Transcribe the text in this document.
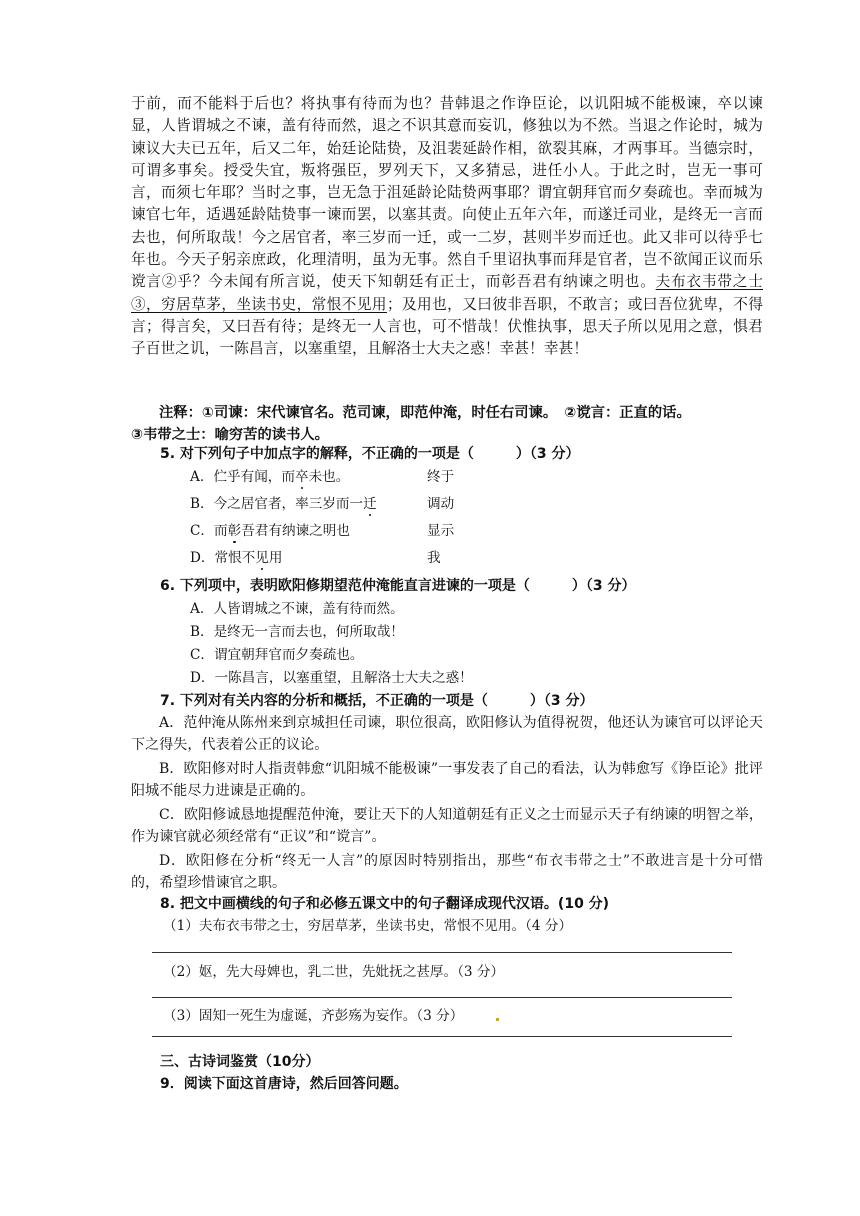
于前，而不能料于后也？将执事有待而为也？昔韩退之作诤臣论，以讥阳城不能极谏，卒以谏显，人皆谓城之不谏，盖有待而然，退之不识其意而妄讥，修独以为不然。当退之作论时，城为谏议大夫已五年，后又二年，始廷论陆贽，及沮裴延龄作相，欲裂其麻，才两事耳。当德宗时，可谓多事矣。授受失宜，叛将强臣，罗列天下，又多猜忌，进任小人。于此之时，岂无一事可言，而须七年耶？当时之事，岂无急于沮延龄论陆贽两事耶？谓宜朝拜官而夕奏疏也。幸而城为谏官七年，适遇延龄陆贽事一谏而罢，以塞其责。向使止五年六年，而遂迁司业，是终无一言而去也，何所取哉！今之居官者，率三岁而一迁，或一二岁，甚则半岁而迁也。此又非可以待乎七年也。今天子躬亲庶政，化理清明，虽为无事。然自千里诏执事而拜是官者，岂不欲闻正议而乐谠言②乎？今未闻有所言说，使天下知朝廷有正士，而彰吾君有纳谏之明也。夫布衣韦带之士③，穷居草茅，坐读书史，常恨不见用；及用也，又曰彼非吾职，不敢言；或曰吾位犹卑，不得言；得言矣，又曰吾有待；是终无一人言也，可不惜哉！伏惟执事，思天子所以见用之意，惧君子百世之讥，一陈昌言，以塞重望，且解洛士大夫之惑！幸甚！幸甚！
注释：①司谏：宋代谏官名。范司谏，即范仲淹，时任右司谏。　②谠言：正直的话。
③韦带之士：喻穷苦的读书人。
5. 对下列句子中加点字的解释，不正确的一项是（　　　）（3 分）
A．伫乎有闻，而卒未也。	终于
B．今之居官者，率三岁而一迁	调动
C．而彰吾君有纳谏之明也	显示
D．常恨不见用	我
6. 下列项中，表明欧阳修期望范仲淹能直言进谏的一项是（　　　）（3 分）
A．人皆谓城之不谏，盖有待而然。
B．是终无一言而去也，何所取哉！
C．谓宜朝拜官而夕奏疏也。
D．一陈昌言，以塞重望，且解洛士大夫之惑！
7. 下列对有关内容的分析和概括，不正确的一项是（　　　）（3 分）
A．范仲淹从陈州来到京城担任司谏，职位很高，欧阳修认为值得祝贺，他还认为谏官可以评论天下之得失，代表着公正的议论。
B．欧阳修对时人指责韩愈“讥阳城不能极谏”一事发表了自己的看法，认为韩愈写《诤臣论》批评阳城不能尽力进谏是正确的。
C．欧阳修诚恳地提醒范仲淹，要让天下的人知道朝廷有正义之士而显示天子有纳谏的明智之举，作为谏官就必须经常有“正议”和“谠言”。
D．欧阳修在分析“终无一人言”的原因时特别指出，那些“布衣韦带之士”不敢进言是十分可惜的，希望珍惜谏官之职。
8. 把文中画横线的句子和必修五课文中的句子翻译成现代汉语。(10 分)
（1）夫布衣韦带之士，穷居草茅，坐读书史，常恨不见用。（4 分）
（2）妪，先大母婢也，乳二世，先妣抚之甚厚。（3 分）
（3）固知一死生为虚诞，齐彭殇为妄作。（3 分）
三、古诗词鉴赏（10分）
9．阅读下面这首唐诗，然后回答问题。
